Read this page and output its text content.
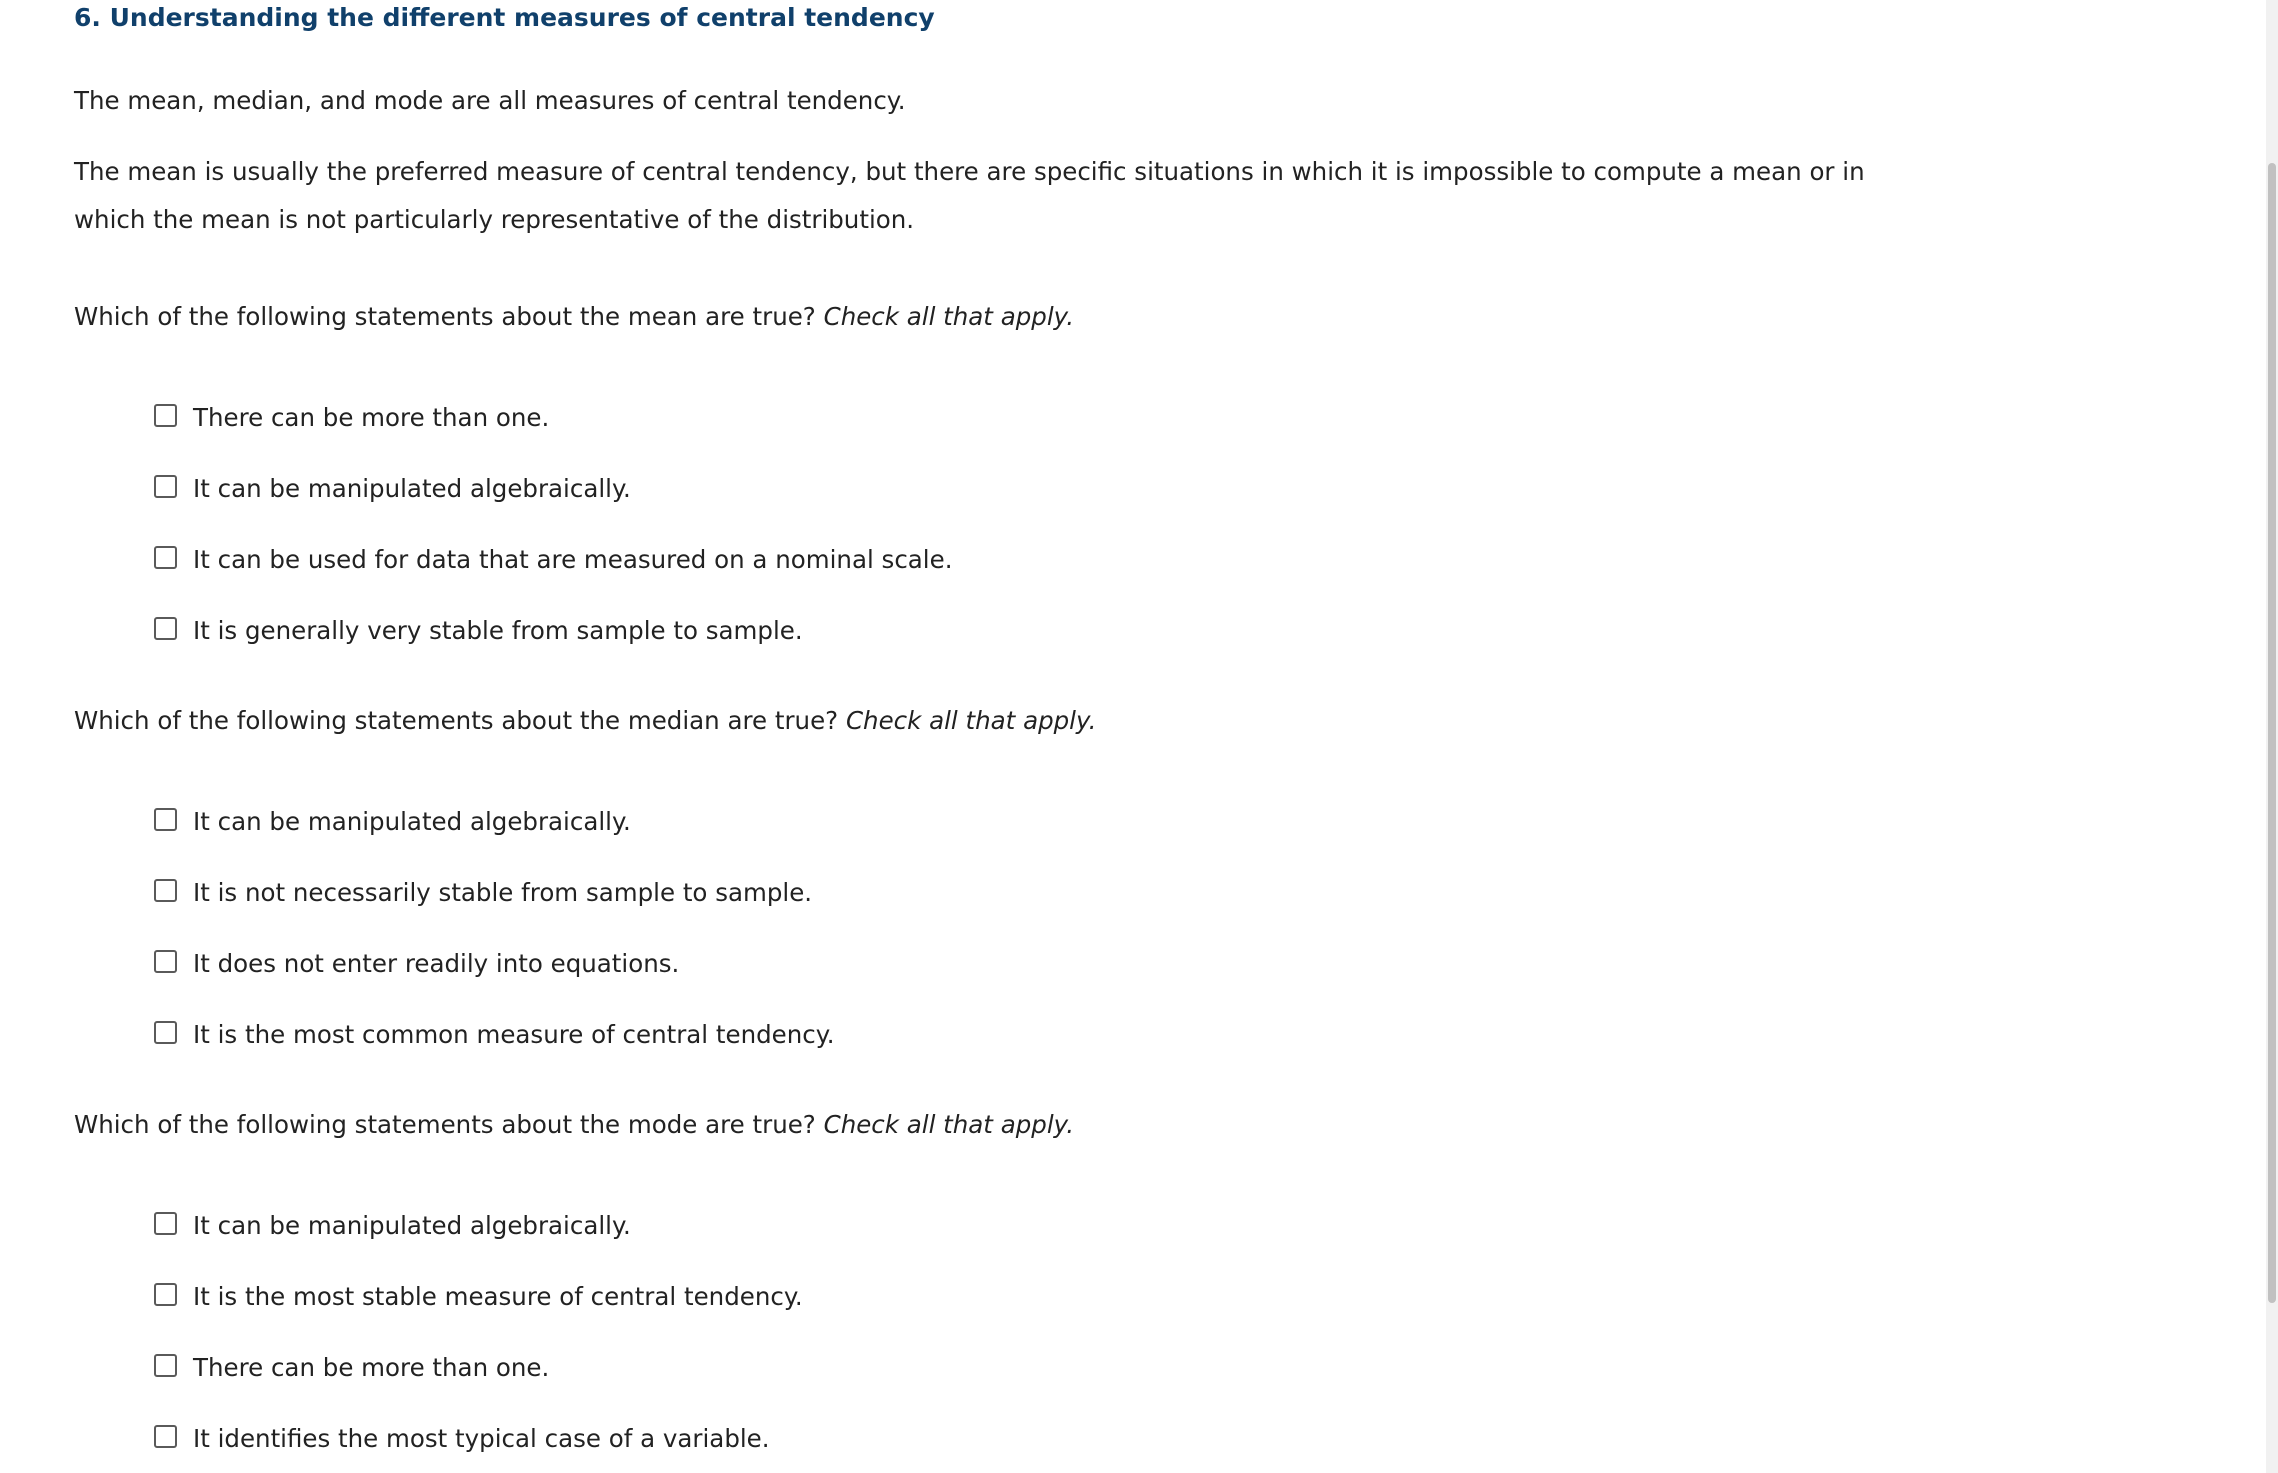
6. Understanding the different measures of central tendency

The mean, median, and mode are all measures of central tendency.

The mean is usually the preferred measure of central tendency, but there are specific situations in which it is impossible to compute a mean or in which the mean is not particularly representative of the distribution.

Which of the following statements about the mean are true? Check all that apply.

There can be more than one.
It can be manipulated algebraically.
It can be used for data that are measured on a nominal scale.
It is generally very stable from sample to sample.

Which of the following statements about the median are true? Check all that apply.

It can be manipulated algebraically.
It is not necessarily stable from sample to sample.
It does not enter readily into equations.
It is the most common measure of central tendency.

Which of the following statements about the mode are true? Check all that apply.

It can be manipulated algebraically.
It is the most stable measure of central tendency.
There can be more than one.
It identifies the most typical case of a variable.
